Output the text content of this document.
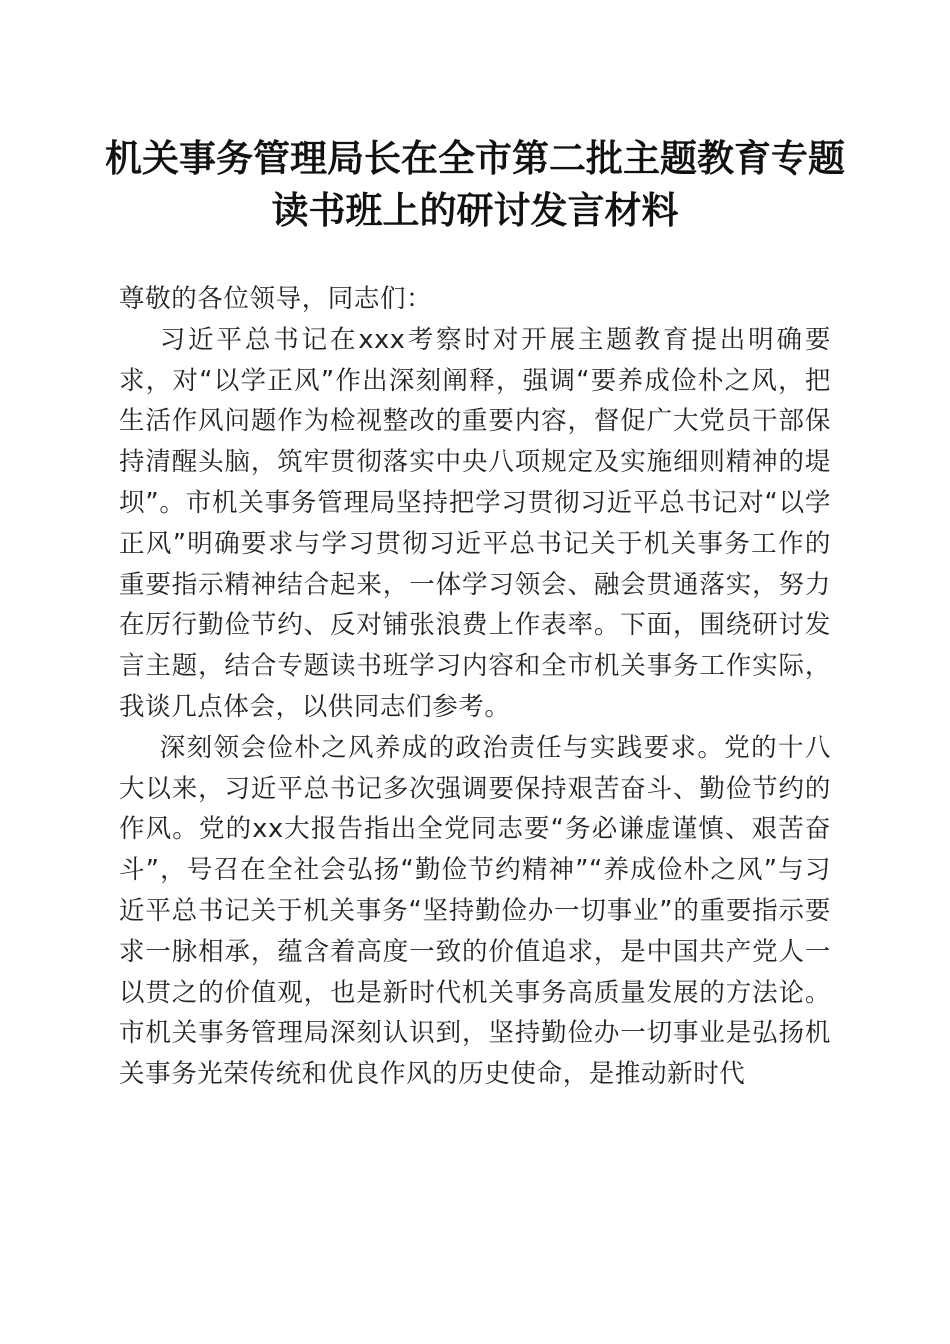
机关事务管理局长在全市第二批主题教育专题
读书班上的研讨发言材料

尊敬的各位领导，同志们：

习近平总书记在xxx考察时对开展主题教育提出明确要求，对“以学正风”作出深刻阐释，强调“要养成俭朴之风，把生活作风问题作为检视整改的重要内容，督促广大党员干部保持清醒头脑，筑牢贯彻落实中央八项规定及实施细则精神的堤坝”。市机关事务管理局坚持把学习贯彻习近平总书记对“以学正风”明确要求与学习贯彻习近平总书记关于机关事务工作的重要指示精神结合起来，一体学习领会、融会贯通落实，努力在厉行勤俭节约、反对铺张浪费上作表率。下面，围绕研讨发言主题，结合专题读书班学习内容和全市机关事务工作实际，我谈几点体会，以供同志们参考。

深刻领会俭朴之风养成的政治责任与实践要求。党的十八大以来，习近平总书记多次强调要保持艰苦奋斗、勤俭节约的作风。党的xx大报告指出全党同志要“务必谦虚谨慎、艰苦奋斗”，号召在全社会弘扬“勤俭节约精神”“养成俭朴之风”与习近平总书记关于机关事务“坚持勤俭办一切事业”的重要指示要求一脉相承，蕴含着高度一致的价值追求，是中国共产党人一以贯之的价值观，也是新时代机关事务高质量发展的方法论。市机关事务管理局深刻认识到，坚持勤俭办一切事业是弘扬机关事务光荣传统和优良作风的历史使命，是推动新时代
